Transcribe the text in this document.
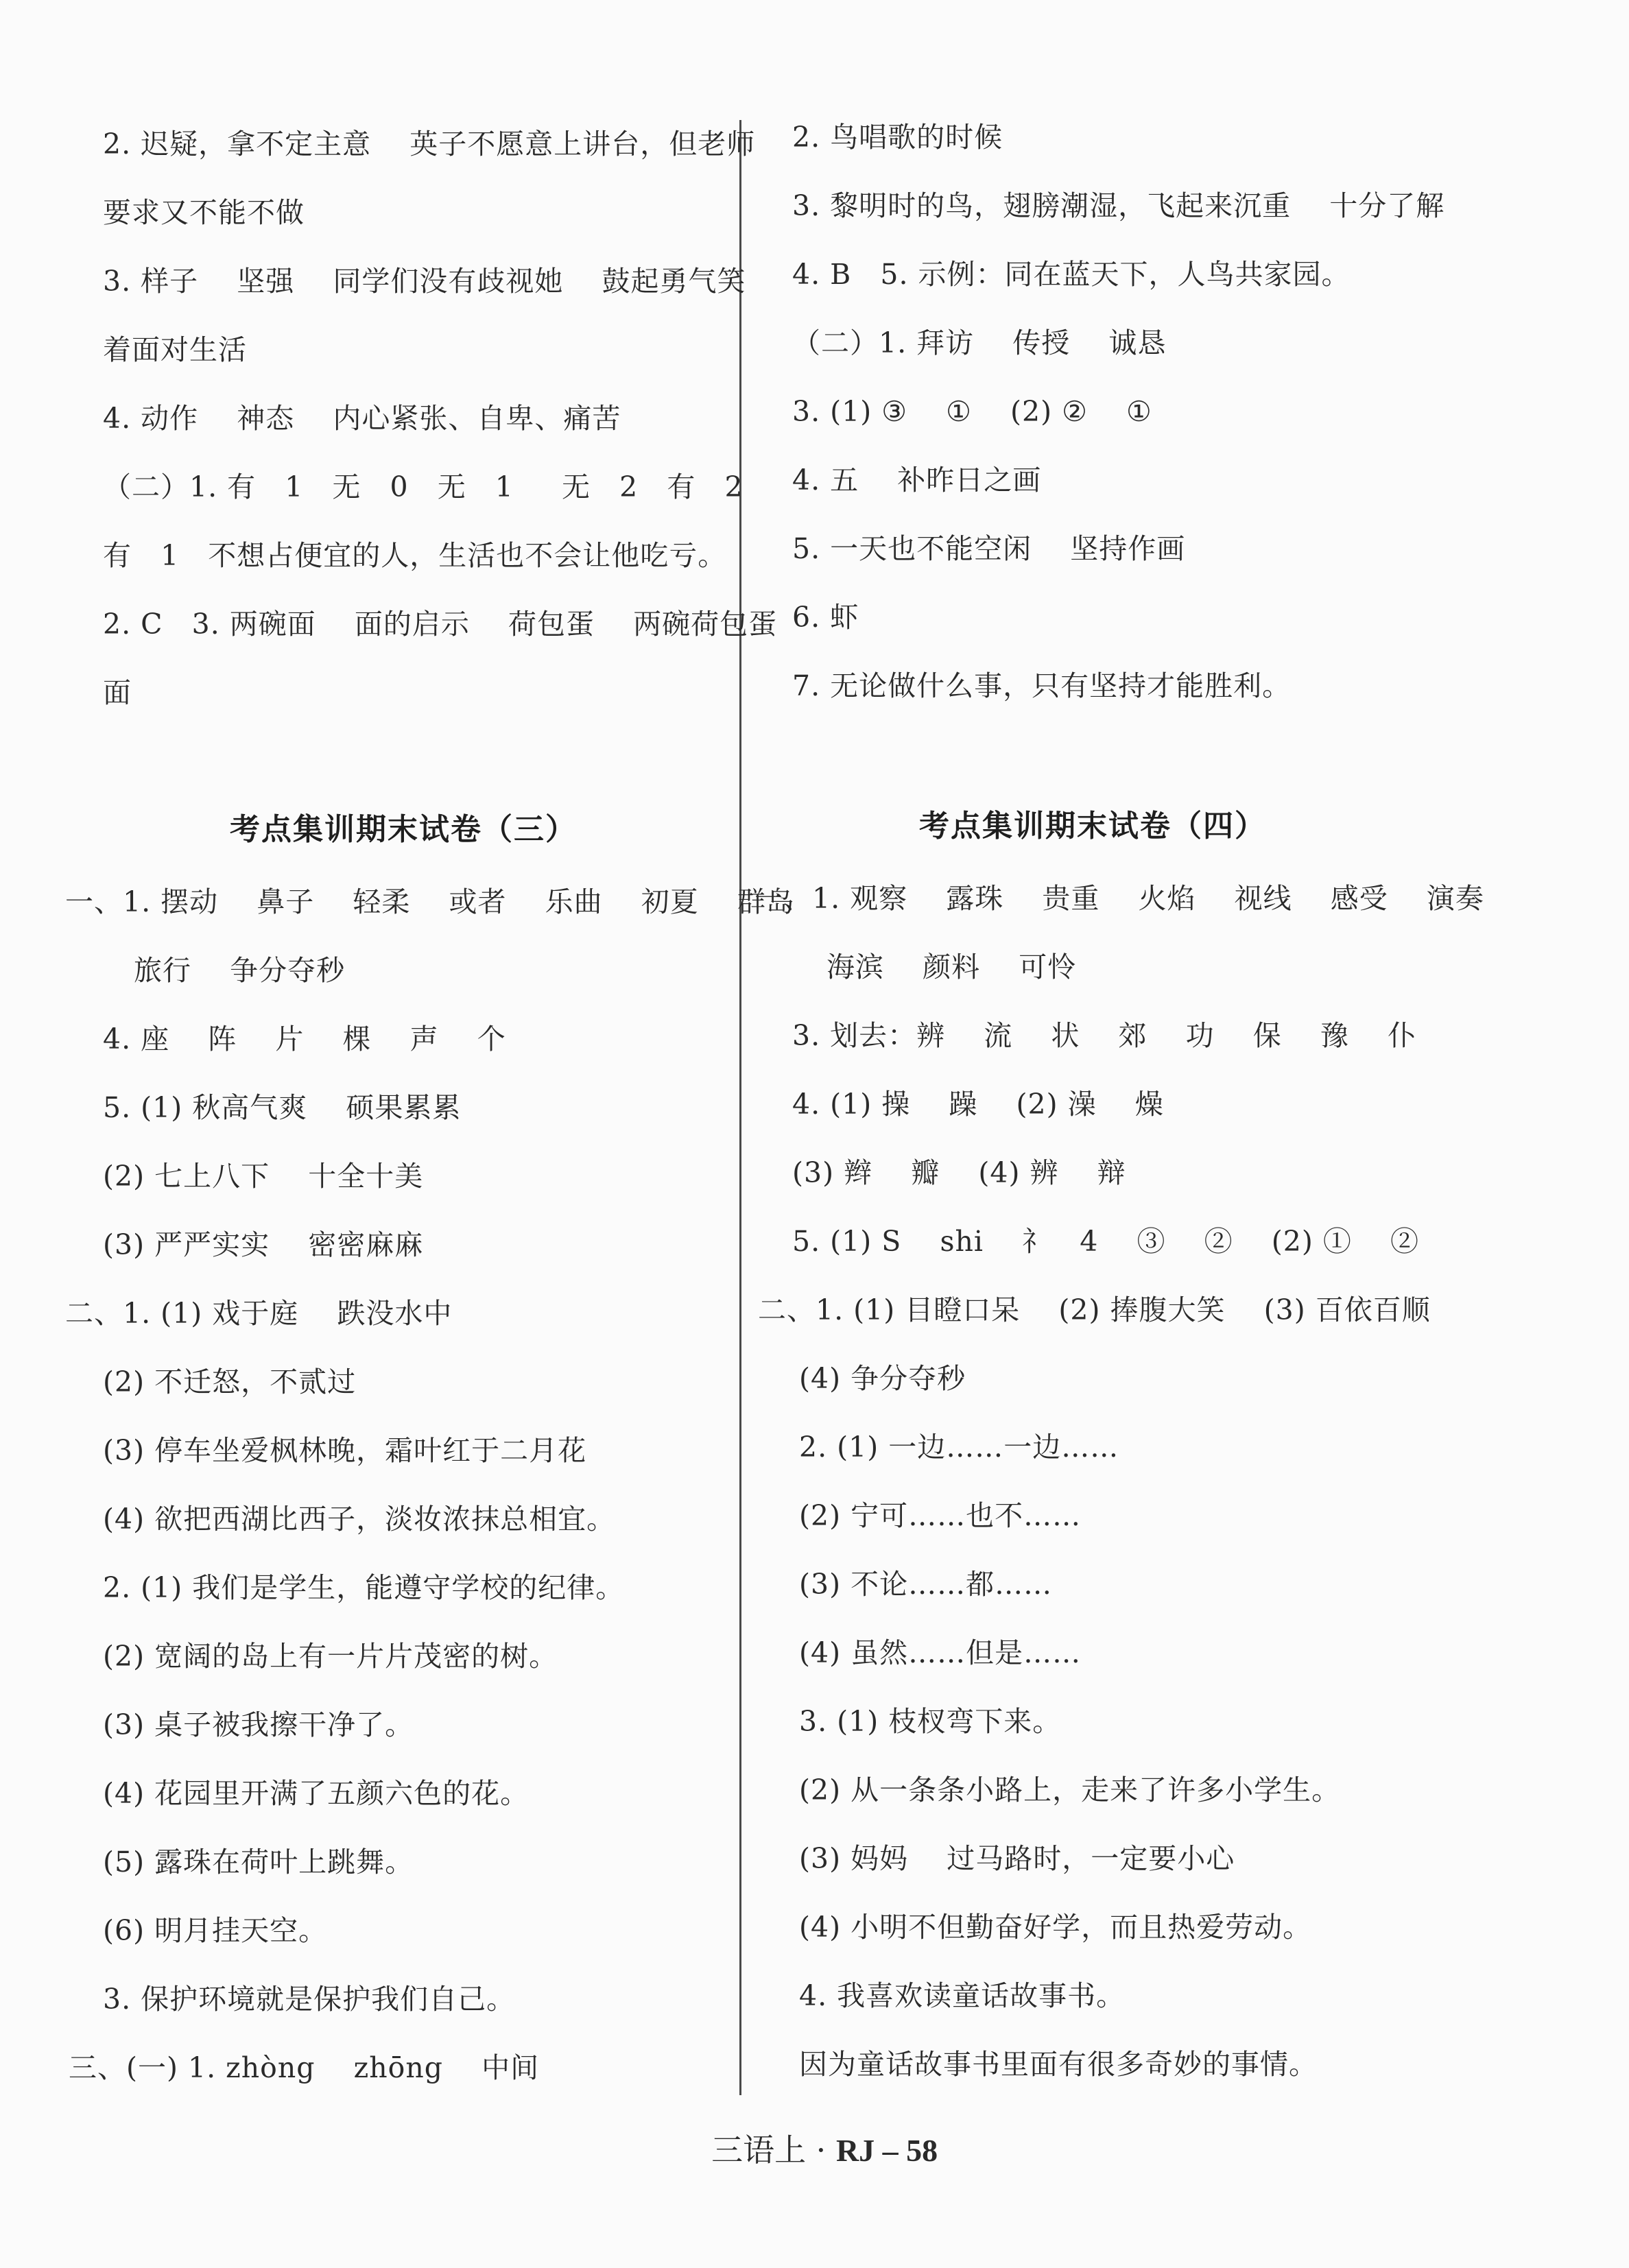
2. 迟疑，拿不定主意    英子不愿意上讲台，但老师
要求又不能不做
3. 样子    坚强    同学们没有歧视她    鼓起勇气笑
着面对生活
4. 动作    神态    内心紧张、自卑、痛苦
（二）1. 有   1   无   0   无   1     无   2   有   2
有   1   不想占便宜的人，生活也不会让他吃亏。
2. C   3. 两碗面    面的启示    荷包蛋    两碗荷包蛋
面
考点集训期末试卷（三）
一、1. 摆动    鼻子    轻柔    或者    乐曲    初夏    群岛
旅行    争分夺秒
4. 座    阵    片    棵    声    个
5. (1) 秋高气爽    硕果累累
(2) 七上八下    十全十美
(3) 严严实实    密密麻麻
二、1. (1) 戏于庭    跌没水中
(2) 不迁怒，不贰过
(3) 停车坐爱枫林晚，霜叶红于二月花
(4) 欲把西湖比西子，淡妆浓抹总相宜。
2. (1) 我们是学生，能遵守学校的纪律。
(2) 宽阔的岛上有一片片茂密的树。
(3) 桌子被我擦干净了。
(4) 花园里开满了五颜六色的花。
(5) 露珠在荷叶上跳舞。
(6) 明月挂天空。
3. 保护环境就是保护我们自己。
三、(一) 1. zhòng    zhōng    中间
2. 鸟唱歌的时候
3. 黎明时的鸟，翅膀潮湿，飞起来沉重    十分了解
4. B   5. 示例：同在蓝天下，人鸟共家园。
（二）1. 拜访    传授    诚恳
3. (1) ③    ①    (2) ②    ①
4. 五    补昨日之画
5. 一天也不能空闲    坚持作画
6. 虾
7. 无论做什么事，只有坚持才能胜利。
考点集训期末试卷（四）
一、1. 观察    露珠    贵重    火焰    视线    感受    演奏
海滨    颜料    可怜
3. 划去：辨    流    状    郊    功    保    豫    仆
4. (1) 操    躁    (2) 澡    燥
(3) 辫    瓣    (4) 辨    辩
5. (1) S    shi    礻   4    ③    ②    (2) ①    ②
二、1. (1) 目瞪口呆    (2) 捧腹大笑    (3) 百依百顺
(4) 争分夺秒
2. (1) 一边……一边……
(2) 宁可……也不……
(3) 不论……都……
(4) 虽然……但是……
3. (1) 枝杈弯下来。
(2) 从一条条小路上，走来了许多小学生。
(3) 妈妈    过马路时，一定要小心
(4) 小明不但勤奋好学，而且热爱劳动。
4. 我喜欢读童话故事书。
因为童话故事书里面有很多奇妙的事情。

三语上 · RJ – 58
